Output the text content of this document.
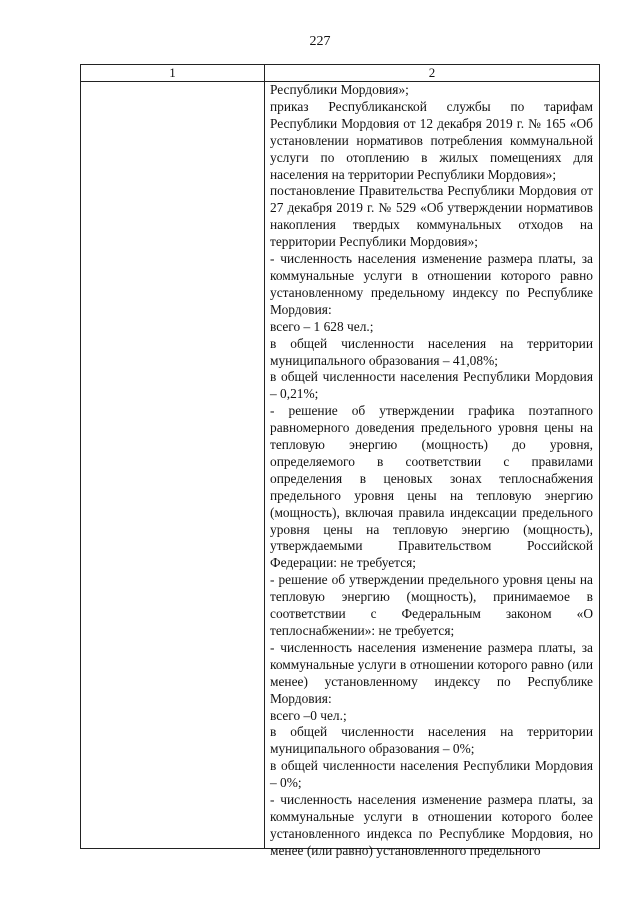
227
1	2

Республики Мордовия»;

приказ Республиканской службы по тарифам Республики Мордовия от 12 декабря 2019 г. № 165 «Об установлении нормативов потребления коммунальной услуги по отоплению в жилых помещениях для населения на территории Республики Мордовия»;

постановление Правительства Республики Мордовия от 27 декабря 2019 г. № 529 «Об утверждении нормативов накопления твердых коммунальных отходов на территории Республики Мордовия»;

- численность населения изменение размера платы, за коммунальные услуги в отношении которого равно установленному предельному индексу по Республике Мордовия:

всего – 1 628 чел.;

в общей численности населения на территории муниципального образования – 41,08%;

в общей численности населения Республики Мордовия – 0,21%;

- решение об утверждении графика поэтапного равномерного доведения предельного уровня цены на тепловую энергию (мощность) до уровня, определяемого в соответствии с правилами определения в ценовых зонах теплоснабжения предельного уровня цены на тепловую энергию (мощность), включая правила индексации предельного уровня цены на тепловую энергию (мощность), утверждаемыми Правительством Российской Федерации: не требуется;

- решение об утверждении предельного уровня цены на тепловую энергию (мощность), принимаемое в соответствии с Федеральным законом «О теплоснабжении»: не требуется;

- численность населения изменение размера платы, за коммунальные услуги в отношении которого равно (или менее) установленному индексу по Республике Мордовия:

всего –0 чел.;

в общей численности населения на территории муниципального образования – 0%;

в общей численности населения Республики Мордовия – 0%;

- численность населения изменение размера платы, за коммунальные услуги в отношении которого более установленного индекса по Республике Мордовия, но менее (или равно) установленного предельного
